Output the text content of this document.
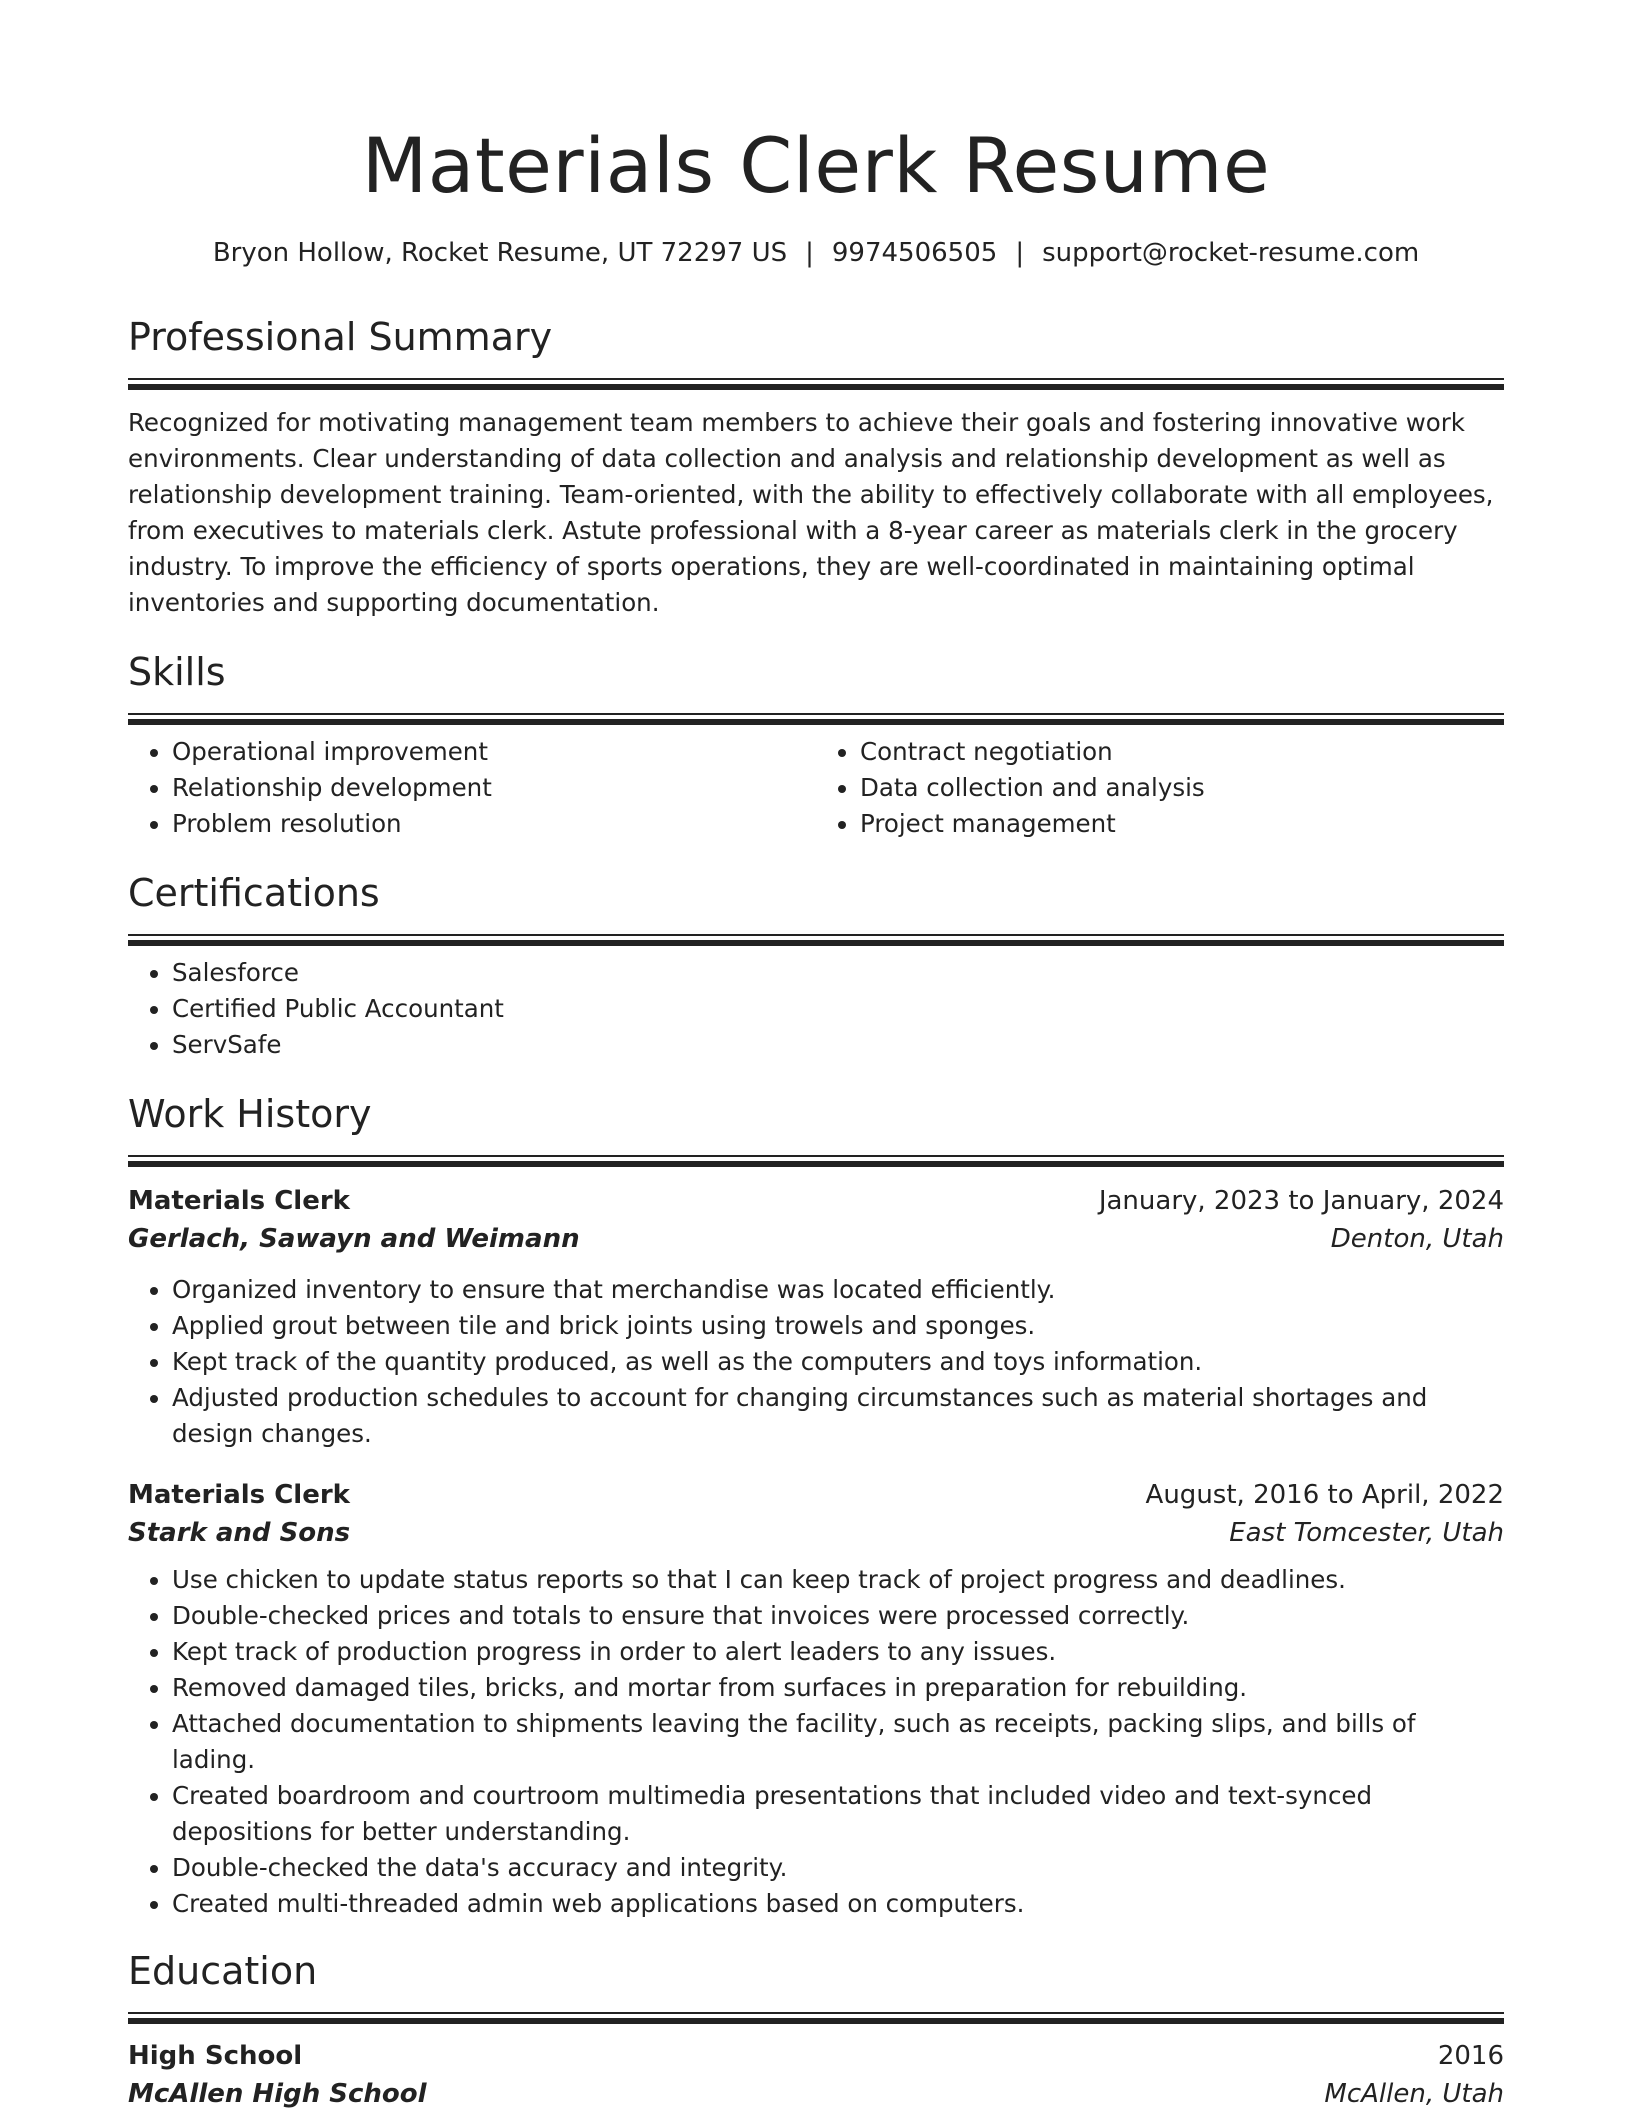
Materials Clerk Resume
Bryon Hollow, Rocket Resume, UT 72297 US | 9974506505 | support@rocket-resume.com
Professional Summary
Recognized for motivating management team members to achieve their goals and fostering innovative work environments. Clear understanding of data collection and analysis and relationship development as well as relationship development training. Team-oriented, with the ability to effectively collaborate with all employees, from executives to materials clerk. Astute professional with a 8-year career as materials clerk in the grocery industry. To improve the efficiency of sports operations, they are well-coordinated in maintaining optimal inventories and supporting documentation.
Skills
• Operational improvement
• Relationship development
• Problem resolution
• Contract negotiation
• Data collection and analysis
• Project management
Certifications
• Salesforce
• Certified Public Accountant
• ServSafe
Work History
Materials Clerk	January, 2023 to January, 2024
Gerlach, Sawayn and Weimann	Denton, Utah
• Organized inventory to ensure that merchandise was located efficiently.
• Applied grout between tile and brick joints using trowels and sponges.
• Kept track of the quantity produced, as well as the computers and toys information.
• Adjusted production schedules to account for changing circumstances such as material shortages and design changes.
Materials Clerk	August, 2016 to April, 2022
Stark and Sons	East Tomcester, Utah
• Use chicken to update status reports so that I can keep track of project progress and deadlines.
• Double-checked prices and totals to ensure that invoices were processed correctly.
• Kept track of production progress in order to alert leaders to any issues.
• Removed damaged tiles, bricks, and mortar from surfaces in preparation for rebuilding.
• Attached documentation to shipments leaving the facility, such as receipts, packing slips, and bills of lading.
• Created boardroom and courtroom multimedia presentations that included video and text-synced depositions for better understanding.
• Double-checked the data's accuracy and integrity.
• Created multi-threaded admin web applications based on computers.
Education
High School	2016
McAllen High School	McAllen, Utah
